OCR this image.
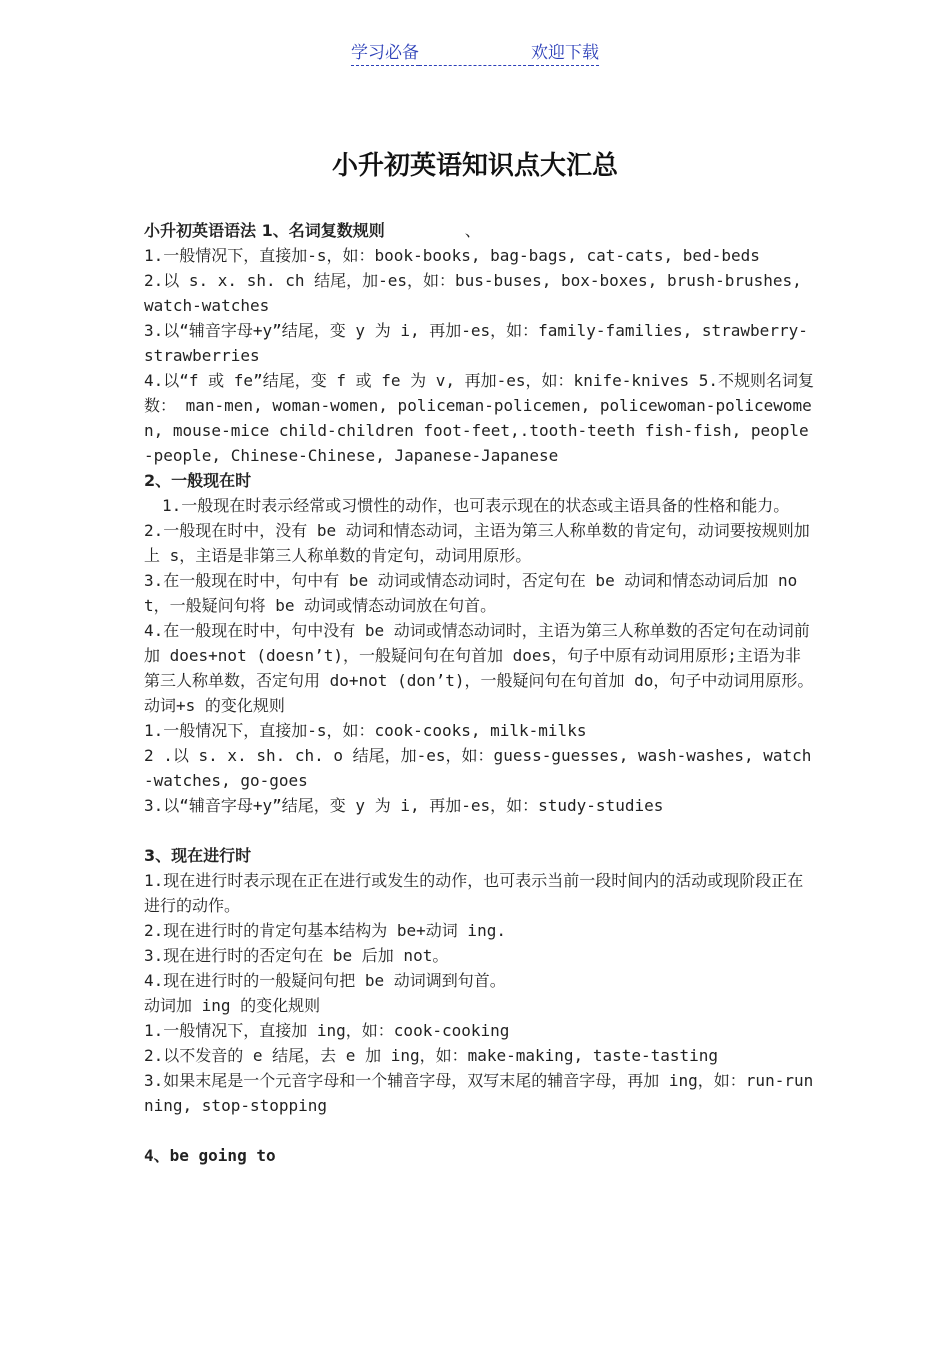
学习必备	欢迎下载
小升初英语知识点大汇总

小升初英语语法 1、名词复数规则	、

1.一般情况下，直接加-s，如：book-books, bag-bags, cat-cats, bed-beds

2.以 s. x. sh. ch 结尾，加-es，如：bus-buses, box-boxes, brush-brushes, watch-watches

3.以“辅音字母+y”结尾，变 y 为 i, 再加-es，如：family-families, strawberry-strawberries

4.以“f 或 fe”结尾，变 f 或 fe 为 v, 再加-es，如：knife-knives 5.不规则名词复数： man-men, woman-women, policeman-policemen, policewoman-policewomen, mouse-mice child-children foot-feet,.tooth-teeth fish-fish, people-people, Chinese-Chinese, Japanese-Japanese

2、一般现在时

1.一般现在时表示经常或习惯性的动作，也可表示现在的状态或主语具备的性格和能力。

2.一般现在时中，没有 be 动词和情态动词，主语为第三人称单数的肯定句，动词要按规则加上 s，主语是非第三人称单数的肯定句，动词用原形。

3.在一般现在时中，句中有 be 动词或情态动词时，否定句在 be 动词和情态动词后加 not，一般疑问句将 be 动词或情态动词放在句首。

4.在一般现在时中，句中没有 be 动词或情态动词时，主语为第三人称单数的否定句在动词前加 does+not (doesn’t)，一般疑问句在句首加 does，句子中原有动词用原形;主语为非第三人称单数，否定句用 do+not (don’t)，一般疑问句在句首加 do，句子中动词用原形。

动词+s 的变化规则

1.一般情况下，直接加-s，如：cook-cooks, milk-milks

2 .以 s. x. sh. ch. o 结尾，加-es，如：guess-guesses, wash-washes, watch-watches, go-goes

3.以“辅音字母+y”结尾，变 y 为 i, 再加-es，如：study-studies

3、现在进行时

1.现在进行时表示现在正在进行或发生的动作，也可表示当前一段时间内的活动或现阶段正在进行的动作。

2.现在进行时的肯定句基本结构为 be+动词 ing.

3.现在进行时的否定句在 be 后加 not。

4.现在进行时的一般疑问句把 be 动词调到句首。

动词加 ing 的变化规则

1.一般情况下，直接加 ing，如：cook-cooking

2.以不发音的 e 结尾，去 e 加 ing，如：make-making, taste-tasting

3.如果末尾是一个元音字母和一个辅音字母，双写末尾的辅音字母，再加 ing，如：run-running, stop-stopping

4、be going to
